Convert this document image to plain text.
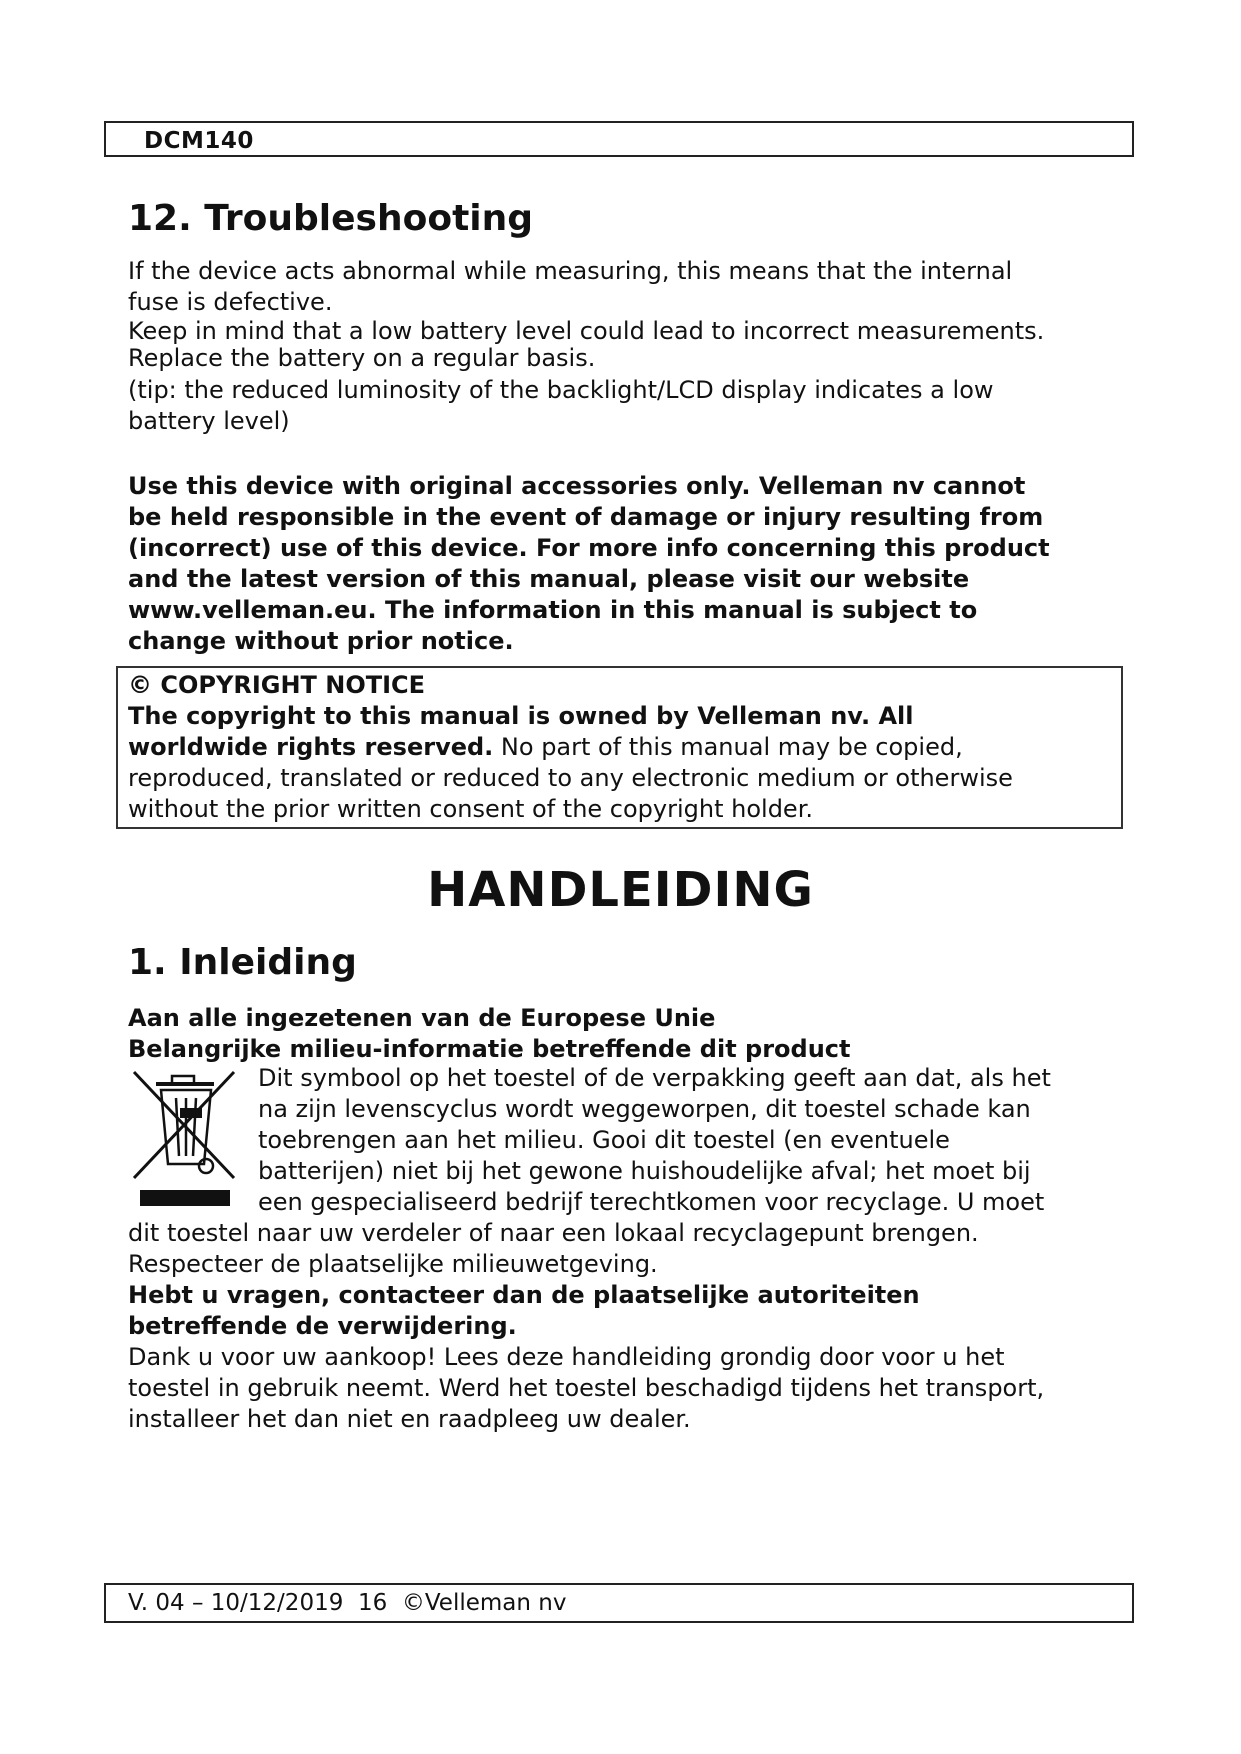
DCM140
12. Troubleshooting

If the device acts abnormal while measuring, this means that the internal
fuse is defective.

Keep in mind that a low battery level could lead to incorrect measurements.
Replace the battery on a regular basis.

(tip: the reduced luminosity of the backlight/LCD display indicates a low
battery level)

Use this device with original accessories only. Velleman nv cannot
be held responsible in the event of damage or injury resulting from
(incorrect) use of this device. For more info concerning this product
and the latest version of this manual, please visit our website
www.velleman.eu. The information in this manual is subject to
change without prior notice.

© COPYRIGHT NOTICE
The copyright to this manual is owned by Velleman nv. All
worldwide rights reserved. No part of this manual may be copied,
reproduced, translated or reduced to any electronic medium or otherwise
without the prior written consent of the copyright holder.
HANDLEIDING
1. Inleiding

Aan alle ingezetenen van de Europese Unie
Belangrijke milieu-informatie betreffende dit product

Dit symbool op het toestel of de verpakking geeft aan dat, als het
na zijn levenscyclus wordt weggeworpen, dit toestel schade kan
toebrengen aan het milieu. Gooi dit toestel (en eventuele
batterijen) niet bij het gewone huishoudelijke afval; het moet bij
een gespecialiseerd bedrijf terechtkomen voor recyclage. U moet

dit toestel naar uw verdeler of naar een lokaal recyclagepunt brengen.
Respecteer de plaatselijke milieuwetgeving.

Hebt u vragen, contacteer dan de plaatselijke autoriteiten
betreffende de verwijdering.

Dank u voor uw aankoop! Lees deze handleiding grondig door voor u het
toestel in gebruik neemt. Werd het toestel beschadigd tijdens het transport,
installeer het dan niet en raadpleeg uw dealer.

V. 04 – 10/12/2019  16  ©Velleman nv
